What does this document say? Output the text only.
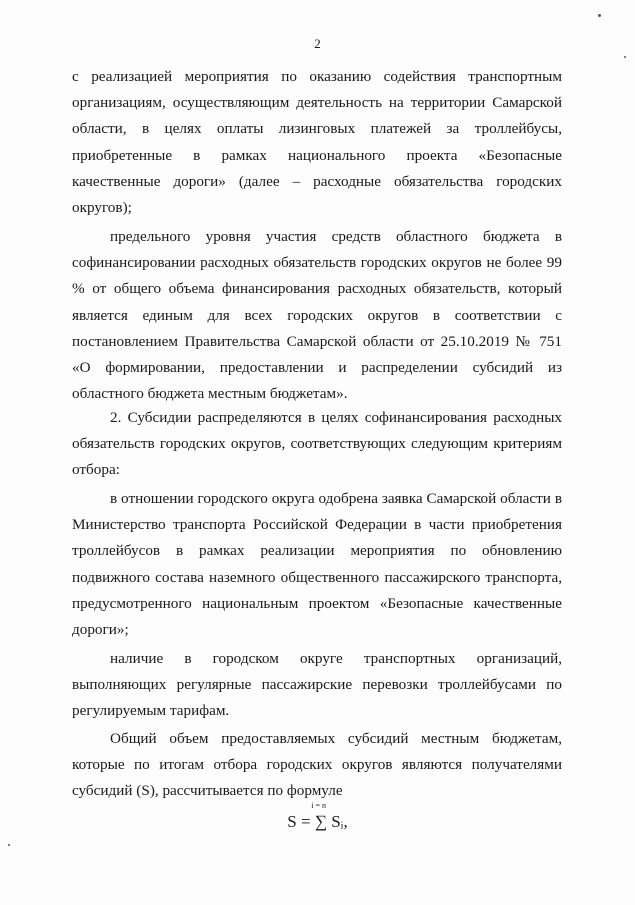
2

с реализацией мероприятия по оказанию содействия транспортным организациям, осуществляющим деятельность на территории Самарской области, в целях оплаты лизинговых платежей за троллейбусы, приобретенные в рамках национального проекта «Безопасные качественные дороги» (далее – расходные обязательства городских округов);

предельного уровня участия средств областного бюджета в софинансировании расходных обязательств городских округов не более 99 % от общего объема финансирования расходных обязательств, который является единым для всех городских округов в соответствии с постановлением Правительства Самарской области от 25.10.2019 № 751 «О формировании, предоставлении и распределении субсидий из областного бюджета местным бюджетам».

2. Субсидии распределяются в целях софинансирования расходных обязательств городских округов, соответствующих следующим критериям отбора:

в отношении городского округа одобрена заявка Самарской области в Министерство транспорта Российской Федерации в части приобретения троллейбусов в рамках реализации мероприятия по обновлению подвижного состава наземного общественного пассажирского транспорта, предусмотренного национальным проектом «Безопасные качественные дороги»;

наличие в городском округе транспортных организаций, выполняющих регулярные пассажирские перевозки троллейбусами по регулируемым тарифам.

Общий объем предоставляемых субсидий местным бюджетам, которые по итогам отбора городских округов являются получателями субсидий (S), рассчитывается по формуле

i = n
S = ∑ Sᵢ,
